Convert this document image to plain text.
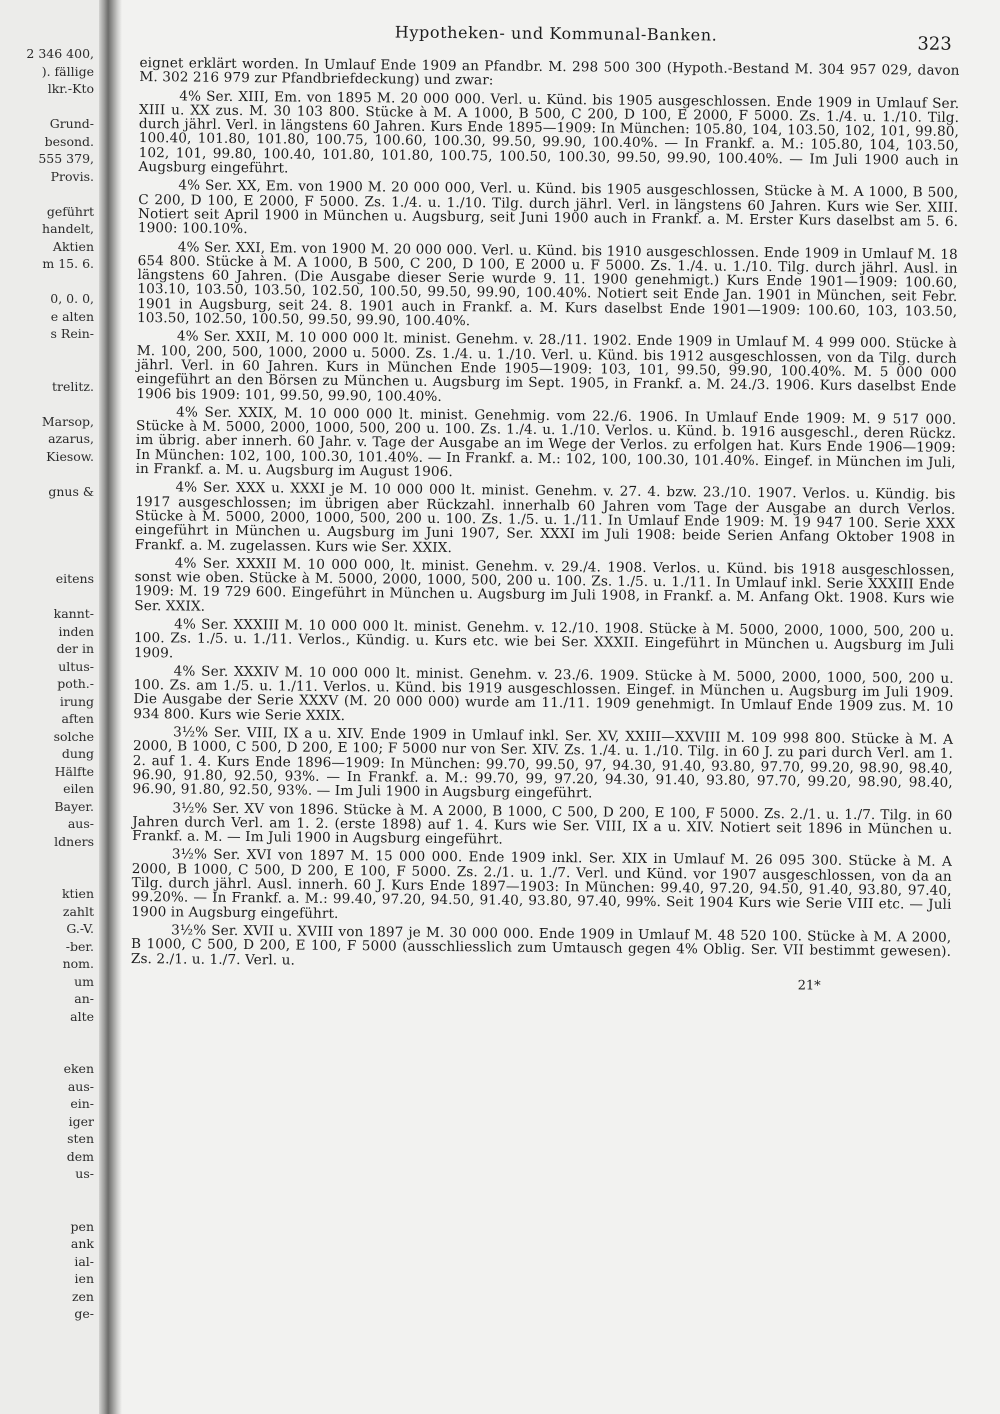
2 346 400,
). fällige
lkr.-Kto
Grund-
besond.
555 379,
Provis.
geführt
handelt,
Aktien
m 15. 6.
0, 0. 0,
e alten
s Rein-
trelitz.
Marsop,
azarus,
Kiesow.
gnus &
eitens
kannt-
inden
der in
ultus-
poth.-
irung
aften
solche
dung
Hälfte
eilen
Bayer.
aus-
ldners
ktien
zahlt
G.-V.
-ber.
nom.
um
an-
alte
eken
aus-
ein-
iger
sten
dem
us-
pen
ank
ial-
ien
zen
ge-
Hypotheken- und Kommunal-Banken.	323

eignet erklärt worden. In Umlauf Ende 1909 an Pfandbr. M. 298 500 300 (Hypoth.-Bestand M. 304 957 029, davon M. 302 216 979 zur Pfandbriefdeckung) und zwar:

4% Ser. XIII, Em. von 1895 M. 20 000 000. Verl. u. Künd. bis 1905 ausgeschlossen. Ende 1909 in Umlauf Ser. XIII u. XX zus. M. 30 103 800. Stücke à M. A 1000, B 500, C 200, D 100, E 2000, F 5000. Zs. 1./4. u. 1./10. Tilg. durch jährl. Verl. in längstens 60 Jahren. Kurs Ende 1895—1909: In München: 105.80, 104, 103.50, 102, 101, 99.80, 100.40, 101.80, 101.80, 100.75, 100.60, 100.30, 99.50, 99.90, 100.40%. — In Frankf. a. M.: 105.80, 104, 103.50, 102, 101, 99.80, 100.40, 101.80, 101.80, 100.75, 100.50, 100.30, 99.50, 99.90, 100.40%. — Im Juli 1900 auch in Augsburg eingeführt.

4% Ser. XX, Em. von 1900 M. 20 000 000, Verl. u. Künd. bis 1905 ausgeschlossen, Stücke à M. A 1000, B 500, C 200, D 100, E 2000, F 5000. Zs. 1./4. u. 1./10. Tilg. durch jährl. Verl. in längstens 60 Jahren. Kurs wie Ser. XIII. Notiert seit April 1900 in München u. Augsburg, seit Juni 1900 auch in Frankf. a. M. Erster Kurs daselbst am 5. 6. 1900: 100.10%.

4% Ser. XXI, Em. von 1900 M. 20 000 000. Verl. u. Künd. bis 1910 ausgeschlossen. Ende 1909 in Umlauf M. 18 654 800. Stücke à M. A 1000, B 500, C 200, D 100, E 2000 u. F 5000. Zs. 1./4. u. 1./10. Tilg. durch jährl. Ausl. in längstens 60 Jahren. (Die Ausgabe dieser Serie wurde 9. 11. 1900 genehmigt.) Kurs Ende 1901—1909: 100.60, 103.10, 103.50, 103.50, 102.50, 100.50, 99.50, 99.90, 100.40%. Notiert seit Ende Jan. 1901 in München, seit Febr. 1901 in Augsburg, seit 24. 8. 1901 auch in Frankf. a. M. Kurs daselbst Ende 1901—1909: 100.60, 103, 103.50, 103.50, 102.50, 100.50, 99.50, 99.90, 100.40%.

4% Ser. XXII, M. 10 000 000 lt. minist. Genehm. v. 28./11. 1902. Ende 1909 in Umlauf M. 4 999 000. Stücke à M. 100, 200, 500, 1000, 2000 u. 5000. Zs. 1./4. u. 1./10. Verl. u. Künd. bis 1912 ausgeschlossen, von da Tilg. durch jährl. Verl. in 60 Jahren. Kurs in München Ende 1905—1909: 103, 101, 99.50, 99.90, 100.40%. M. 5 000 000 eingeführt an den Börsen zu München u. Augsburg im Sept. 1905, in Frankf. a. M. 24./3. 1906. Kurs daselbst Ende 1906 bis 1909: 101, 99.50, 99.90, 100.40%.

4% Ser. XXIX, M. 10 000 000 lt. minist. Genehmig. vom 22./6. 1906. In Umlauf Ende 1909: M. 9 517 000. Stücke à M. 5000, 2000, 1000, 500, 200 u. 100. Zs. 1./4. u. 1./10. Verlos. u. Künd. b. 1916 ausgeschl., deren Rückz. im übrig. aber innerh. 60 Jahr. v. Tage der Ausgabe an im Wege der Verlos. zu erfolgen hat. Kurs Ende 1906—1909: In München: 102, 100, 100.30, 101.40%. — In Frankf. a. M.: 102, 100, 100.30, 101.40%. Eingef. in München im Juli, in Frankf. a. M. u. Augsburg im August 1906.

4% Ser. XXX u. XXXI je M. 10 000 000 lt. minist. Genehm. v. 27. 4. bzw. 23./10. 1907. Verlos. u. Kündig. bis 1917 ausgeschlossen; im übrigen aber Rückzahl. innerhalb 60 Jahren vom Tage der Ausgabe an durch Verlos. Stücke à M. 5000, 2000, 1000, 500, 200 u. 100. Zs. 1./5. u. 1./11. In Umlauf Ende 1909: M. 19 947 100. Serie XXX eingeführt in München u. Augsburg im Juni 1907, Ser. XXXI im Juli 1908: beide Serien Anfang Oktober 1908 in Frankf. a. M. zugelassen. Kurs wie Ser. XXIX.

4% Ser. XXXII M. 10 000 000, lt. minist. Genehm. v. 29./4. 1908. Verlos. u. Künd. bis 1918 ausgeschlossen, sonst wie oben. Stücke à M. 5000, 2000, 1000, 500, 200 u. 100. Zs. 1./5. u. 1./11. In Umlauf inkl. Serie XXXIII Ende 1909: M. 19 729 600. Eingeführt in München u. Augsburg im Juli 1908, in Frankf. a. M. Anfang Okt. 1908. Kurs wie Ser. XXIX.

4% Ser. XXXIII M. 10 000 000 lt. minist. Genehm. v. 12./10. 1908. Stücke à M. 5000, 2000, 1000, 500, 200 u. 100. Zs. 1./5. u. 1./11. Verlos., Kündig. u. Kurs etc. wie bei Ser. XXXII. Eingeführt in München u. Augsburg im Juli 1909.

4% Ser. XXXIV M. 10 000 000 lt. minist. Genehm. v. 23./6. 1909. Stücke à M. 5000, 2000, 1000, 500, 200 u. 100. Zs. am 1./5. u. 1./11. Verlos. u. Künd. bis 1919 ausgeschlossen. Eingef. in München u. Augsburg im Juli 1909. Die Ausgabe der Serie XXXV (M. 20 000 000) wurde am 11./11. 1909 genehmigt. In Umlauf Ende 1909 zus. M. 10 934 800. Kurs wie Serie XXIX.

3½% Ser. VIII, IX a u. XIV. Ende 1909 in Umlauf inkl. Ser. XV, XXIII—XXVIII M. 109 998 800. Stücke à M. A 2000, B 1000, C 500, D 200, E 100; F 5000 nur von Ser. XIV. Zs. 1./4. u. 1./10. Tilg. in 60 J. zu pari durch Verl. am 1. 2. auf 1. 4. Kurs Ende 1896—1909: In München: 99.70, 99.50, 97, 94.30, 91.40, 93.80, 97.70, 99.20, 98.90, 98.40, 96.90, 91.80, 92.50, 93%. — In Frankf. a. M.: 99.70, 99, 97.20, 94.30, 91.40, 93.80, 97.70, 99.20, 98.90, 98.40, 96.90, 91.80, 92.50, 93%. — Im Juli 1900 in Augsburg eingeführt.

3½% Ser. XV von 1896. Stücke à M. A 2000, B 1000, C 500, D 200, E 100, F 5000. Zs. 2./1. u. 1./7. Tilg. in 60 Jahren durch Verl. am 1. 2. (erste 1898) auf 1. 4. Kurs wie Ser. VIII, IX a u. XIV. Notiert seit 1896 in München u. Frankf. a. M. — Im Juli 1900 in Augsburg eingeführt.

3½% Ser. XVI von 1897 M. 15 000 000. Ende 1909 inkl. Ser. XIX in Umlauf M. 26 095 300. Stücke à M. A 2000, B 1000, C 500, D 200, E 100, F 5000. Zs. 2./1. u. 1./7. Verl. und Künd. vor 1907 ausgeschlossen, von da an Tilg. durch jährl. Ausl. innerh. 60 J. Kurs Ende 1897—1903: In München: 99.40, 97.20, 94.50, 91.40, 93.80, 97.40, 99.20%. — In Frankf. a. M.: 99.40, 97.20, 94.50, 91.40, 93.80, 97.40, 99%. Seit 1904 Kurs wie Serie VIII etc. — Juli 1900 in Augsburg eingeführt.

3½% Ser. XVII u. XVIII von 1897 je M. 30 000 000. Ende 1909 in Umlauf M. 48 520 100. Stücke à M. A 2000, B 1000, C 500, D 200, E 100, F 5000 (ausschliesslich zum Umtausch gegen 4% Oblig. Ser. VII bestimmt gewesen). Zs. 2./1. u. 1./7. Verl. u.

21*
